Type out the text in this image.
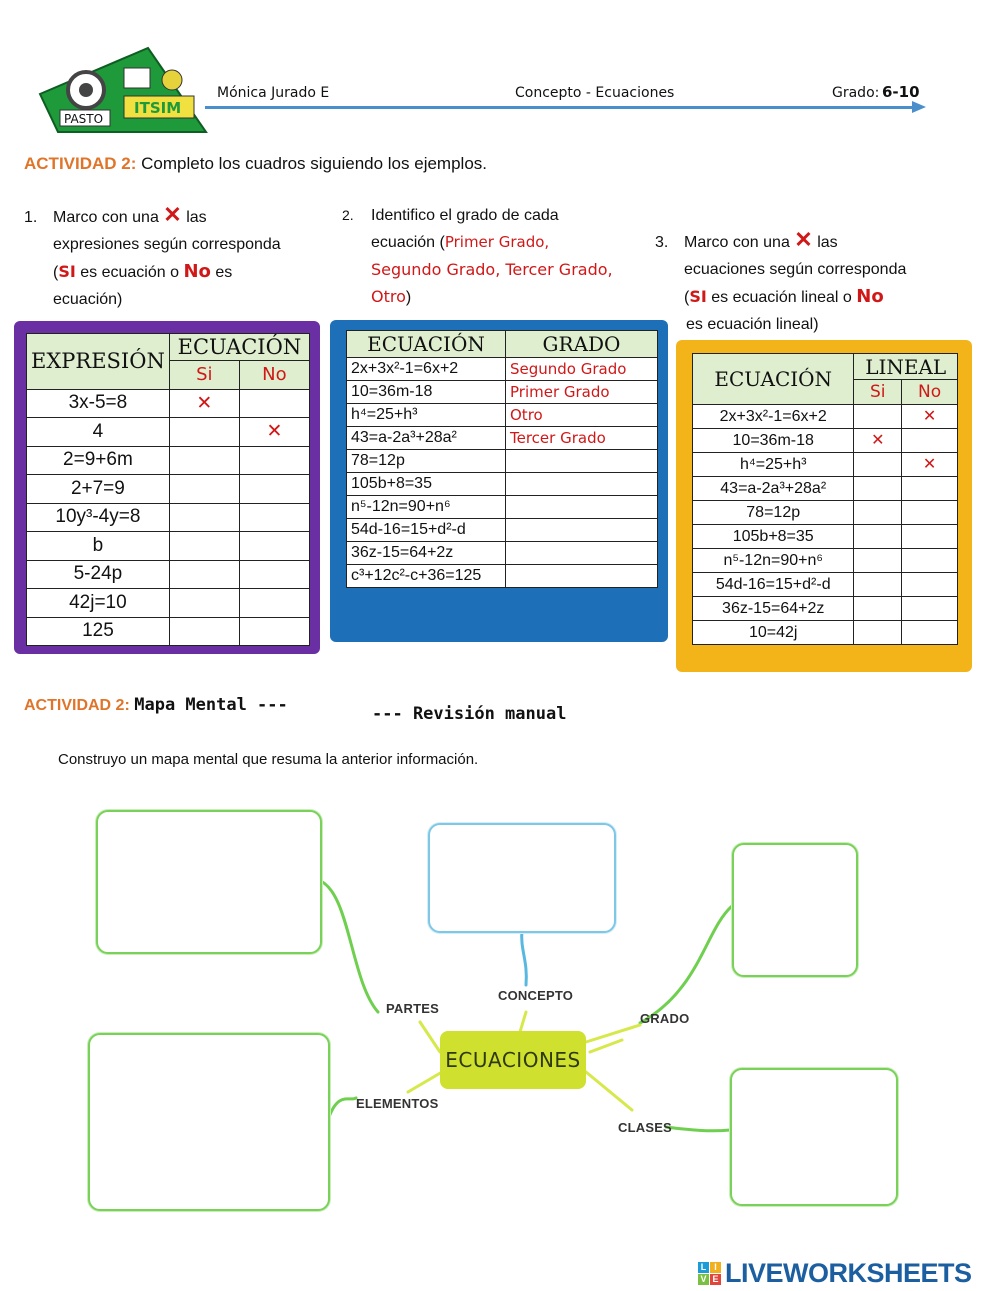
PASTO
ITSIM
Mónica Jurado E	Concepto - Ecuaciones	Grado: 6-10
ACTIVIDAD 2: Completo los cuadros siguiendo los ejemplos.
1. Marco con una ✕ las
expresiones según corresponda
(SI es ecuación o No es
ecuación)
2. Identifico el grado de cada
ecuación (Primer Grado,
Segundo Grado, Tercer Grado,
Otro)
3. Marco con una ✕ las
ecuaciones según corresponda
(SI es ecuación lineal o No
es ecuación lineal)
EXPRESIÓN	ECUACIÓN	
	Si	No
3x-5=8	✕	
4		✕
2=9+6m		
2+7=9		
10y³-4y=8		
b		
5-24p		
42j=10		
125		
ECUACIÓN	GRADO
2x+3x²-1=6x+2	Segundo Grado
10=36m-18	Primer Grado
h⁴=25+h³	Otro
43=a-2a³+28a²	Tercer Grado
78=12p	
105b+8=35	
n⁵-12n=90+n⁶	
54d-16=15+d²-d	
36z-15=64+2z	
c³+12c²-c+36=125	
ECUACIÓN	LINEAL	
	Si	No
2x+3x²-1=6x+2		✕
10=36m-18	✕	
h⁴=25+h³		✕
43=a-2a³+28a²		
78=12p		
105b+8=35		
n⁵-12n=90+n⁶		
54d-16=15+d²-d		
36z-15=64+2z		
10=42j		
ACTIVIDAD 2: Mapa Mental ---	--- Revisión manual
Construyo un mapa mental que resuma la anterior información.
ECUACIONES
CONCEPTO
PARTES
GRADO
ELEMENTOS
CLASES
L I
V E LIVEWORKSHEETS
